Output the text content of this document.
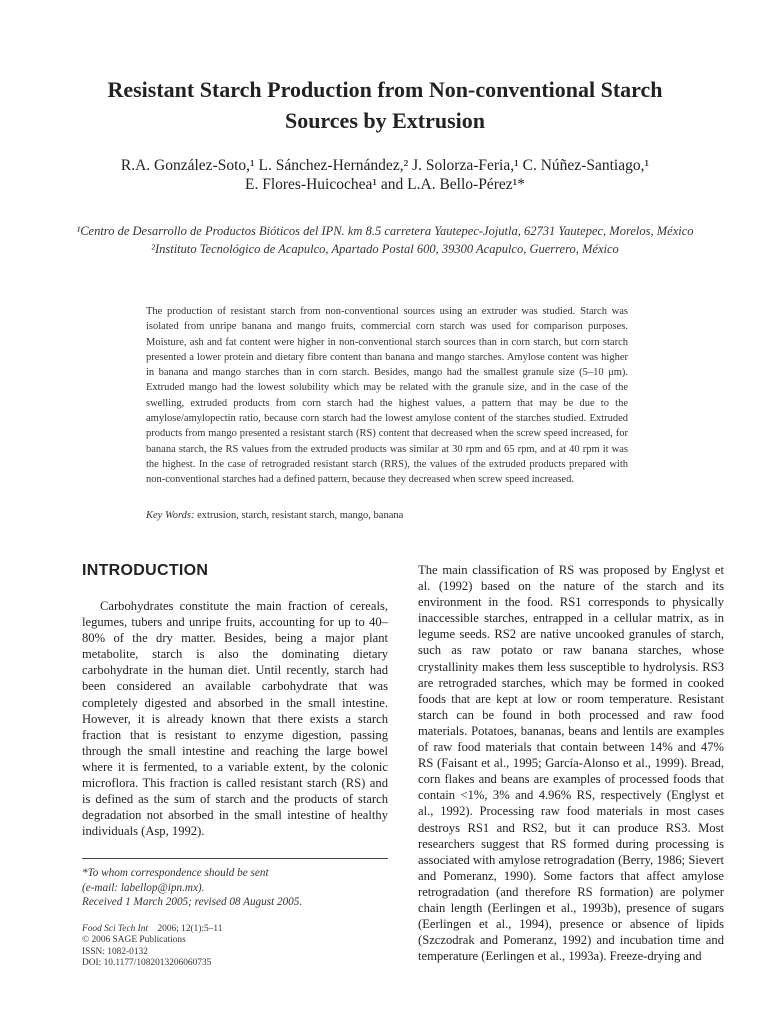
Resistant Starch Production from Non-conventional Starch Sources by Extrusion
R.A. González-Soto,¹ L. Sánchez-Hernández,² J. Solorza-Feria,¹ C. Núñez-Santiago,¹
E. Flores-Huicochea¹ and L.A. Bello-Pérez¹*
¹Centro de Desarrollo de Productos Bióticos del IPN. km 8.5 carretera Yautepec-Jojutla, 62731 Yautepec, Morelos, México
²Instituto Tecnológico de Acapulco, Apartado Postal 600, 39300 Acapulco, Guerrero, México

The production of resistant starch from non-conventional sources using an extruder was studied. Starch was isolated from unripe banana and mango fruits, commercial corn starch was used for comparison purposes. Moisture, ash and fat content were higher in non-conventional starch sources than in corn starch, but corn starch presented a lower protein and dietary fibre content than banana and mango starches. Amylose content was higher in banana and mango starches than in corn starch. Besides, mango had the smallest granule size (5–10 μm). Extruded mango had the lowest solubility which may be related with the granule size, and in the case of the swelling, extruded products from corn starch had the highest values, a pattern that may be due to the amylose/amylopectin ratio, because corn starch had the lowest amylose content of the starches studied. Extruded products from mango presented a resistant starch (RS) content that decreased when the screw speed increased, for banana starch, the RS values from the extruded products was similar at 30 rpm and 65 rpm, and at 40 rpm it was the highest. In the case of retrograded resistant starch (RRS), the values of the extruded products prepared with non-conventional starches had a defined pattern, because they decreased when screw speed increased.

Key Words: extrusion, starch, resistant starch, mango, banana

INTRODUCTION

Carbohydrates constitute the main fraction of cereals, legumes, tubers and unripe fruits, accounting for up to 40–80% of the dry matter. Besides, being a major plant metabolite, starch is also the dominating dietary carbohydrate in the human diet. Until recently, starch had been considered an available carbohydrate that was completely digested and absorbed in the small intestine. However, it is already known that there exists a starch fraction that is resistant to enzyme digestion, passing through the small intestine and reaching the large bowel where it is fermented, to a variable extent, by the colonic microflora. This fraction is called resistant starch (RS) and is defined as the sum of starch and the products of starch degradation not absorbed in the small intestine of healthy individuals (Asp, 1992).

The main classification of RS was proposed by Englyst et al. (1992) based on the nature of the starch and its environment in the food. RS1 corresponds to physically inaccessible starches, entrapped in a cellular matrix, as in legume seeds. RS2 are native uncooked granules of starch, such as raw potato or raw banana starches, whose crystallinity makes them less susceptible to hydrolysis. RS3 are retrograded starches, which may be formed in cooked foods that are kept at low or room temperature. Resistant starch can be found in both processed and raw food materials. Potatoes, bananas, beans and lentils are examples of raw food materials that contain between 14% and 47% RS (Faisant et al., 1995; García-Alonso et al., 1999). Bread, corn flakes and beans are examples of processed foods that contain <1%, 3% and 4.96% RS, respectively (Englyst et al., 1992). Processing raw food materials in most cases destroys RS1 and RS2, but it can produce RS3. Most researchers suggest that RS formed during processing is associated with amylose retrogradation (Berry, 1986; Sievert and Pomeranz, 1990). Some factors that affect amylose retrogradation (and therefore RS formation) are polymer chain length (Eerlingen et al., 1993b), presence of sugars (Eerlingen et al., 1994), presence or absence of lipids (Szczodrak and Pomeranz, 1992) and incubation time and temperature (Eerlingen et al., 1993a). Freeze-drying and

*To whom correspondence should be sent
(e-mail: labellop@ipn.mx).
Received 1 March 2005; revised 08 August 2005.
Food Sci Tech Int 2006; 12(1):5–11
© 2006 SAGE Publications
ISSN: 1082-0132
DOI: 10.1177/1082013206060735
